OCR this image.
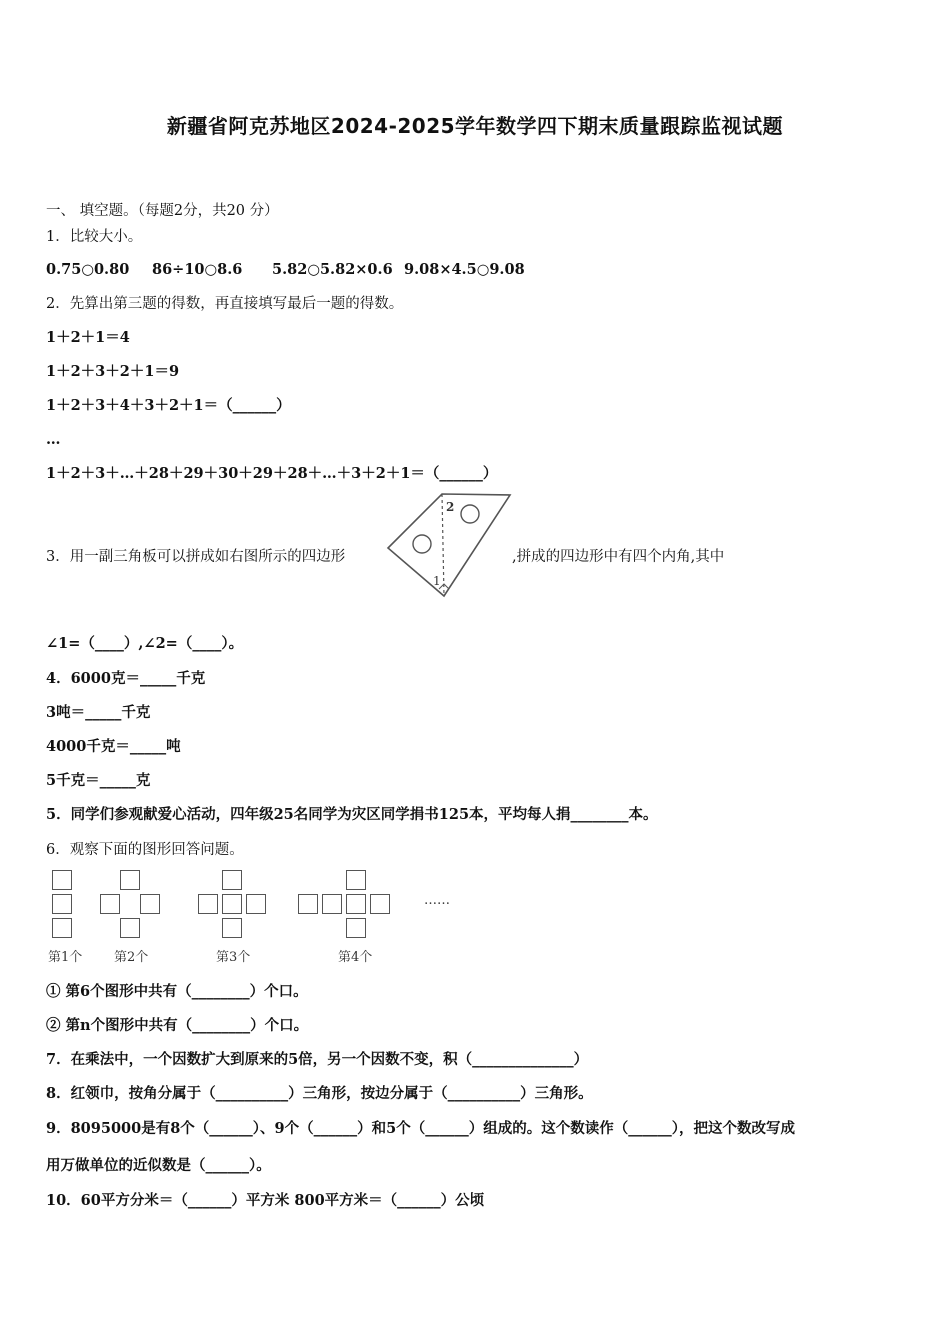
新疆省阿克苏地区2024-2025学年数学四下期末质量跟踪监视试题
一、 填空题。（每题2分，共20 分）
1．比较大小。
0.75○0.80 86÷10○8.6 5.82○5.82×0.6 9.08×4.5○9.08
2．先算出第三题的得数，再直接填写最后一题的得数。
1＋2＋1＝4
1＋2＋3＋2＋1＝9
1＋2＋3＋4＋3＋2＋1＝（______）
…
1＋2＋3＋…＋28＋29＋30＋29＋28＋…＋3＋2＋1＝（______）
3．用一副三角板可以拼成如右图所示的四边形
2
1
,拼成的四边形中有四个内角,其中
∠1=（____）,∠2=（____）。
4．6000克＝_____千克
3吨＝_____千克
4000千克＝_____吨
5千克＝_____克
5．同学们参观献爱心活动，四年级25名同学为灾区同学捐书125本，平均每人捐________本。
6．观察下面的图形回答问题。
第1个 第2个	第3个	第4个
……
① 第6个图形中共有（________）个口。
② 第n个图形中共有（________）个口。
7．在乘法中，一个因数扩大到原来的5倍，另一个因数不变，积（______________）
8．红领巾，按角分属于（__________）三角形，按边分属于（__________）三角形。
9．8095000是有8个（______）、9个（______）和5个（______）组成的。这个数读作（______），把这个数改写成
用万做单位的近似数是（______）。
10．60平方分米＝（______）平方米 800平方米＝（______）公顷
